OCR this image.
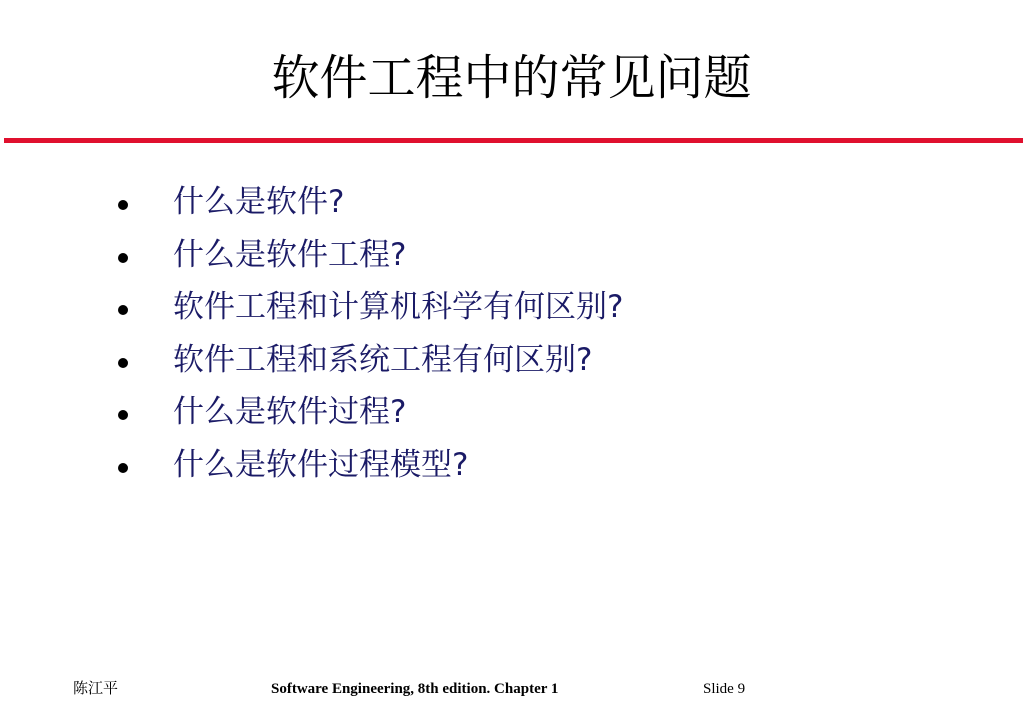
软件工程中的常见问题
什么是软件?
什么是软件工程?
软件工程和计算机科学有何区别?
软件工程和系统工程有何区别?
什么是软件过程?
什么是软件过程模型?
陈江平	Software Engineering, 8th edition. Chapter 1	Slide 9
